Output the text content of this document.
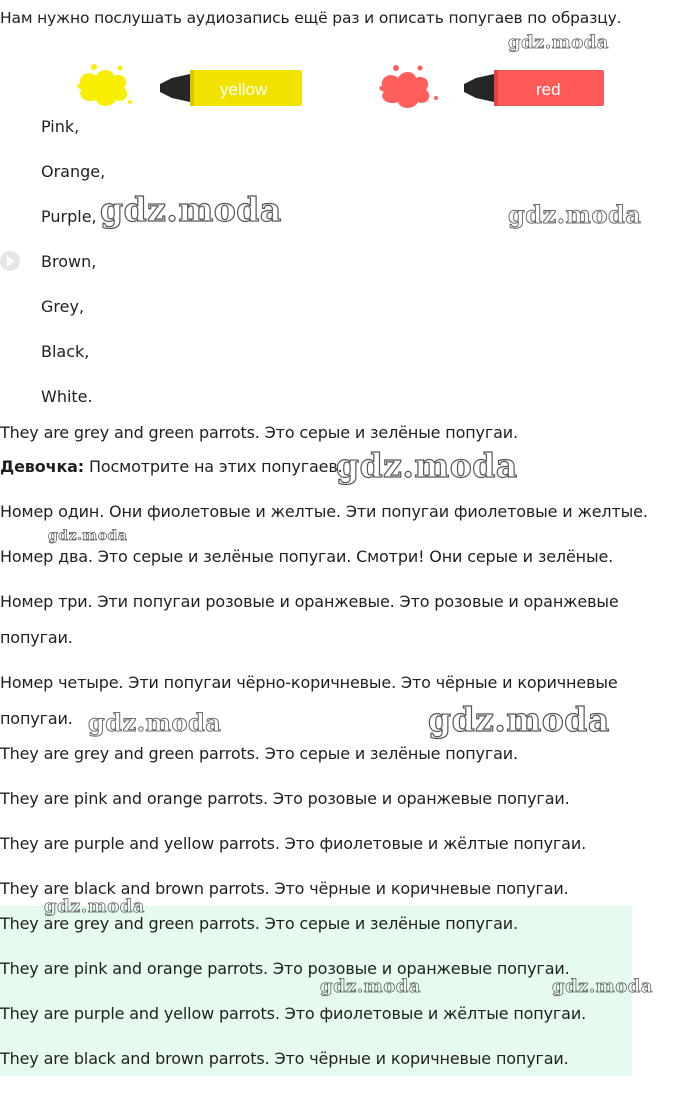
Нам нужно послушать аудиозапись ещё раз и описать попугаев по образцу.
yellow	red
Pink,
Orange,
Purple,
Brown,
Grey,
Black,
White.
They are grey and green parrots. Это серые и зелёные попугаи.
Девочка: Посмотрите на этих попугаев.
Номер один. Они фиолетовые и желтые. Эти попугаи фиолетовые и желтые.
Номер два. Это серые и зелёные попугаи. Смотри! Они серые и зелёные.
Номер три. Эти попугаи розовые и оранжевые. Это розовые и оранжевые
попугаи.
Номер четыре. Эти попугаи чёрно-коричневые. Это чёрные и коричневые
попугаи.
They are grey and green parrots. Это серые и зелёные попугаи.
They are pink and orange parrots. Это розовые и оранжевые попугаи.
They are purple and yellow parrots. Это фиолетовые и жёлтые попугаи.
They are black and brown parrots. Это чёрные и коричневые попугаи.
They are grey and green parrots. Это серые и зелёные попугаи.
They are pink and orange parrots. Это розовые и оранжевые попугаи.
They are purple and yellow parrots. Это фиолетовые и жёлтые попугаи.
They are black and brown parrots. Это чёрные и коричневые попугаи.
gdz.moda
gdz.moda	gdz.moda
gdz.moda
gdz.moda
gdz.moda	gdz.moda
gdz.moda
gdz.moda	gdz.moda
